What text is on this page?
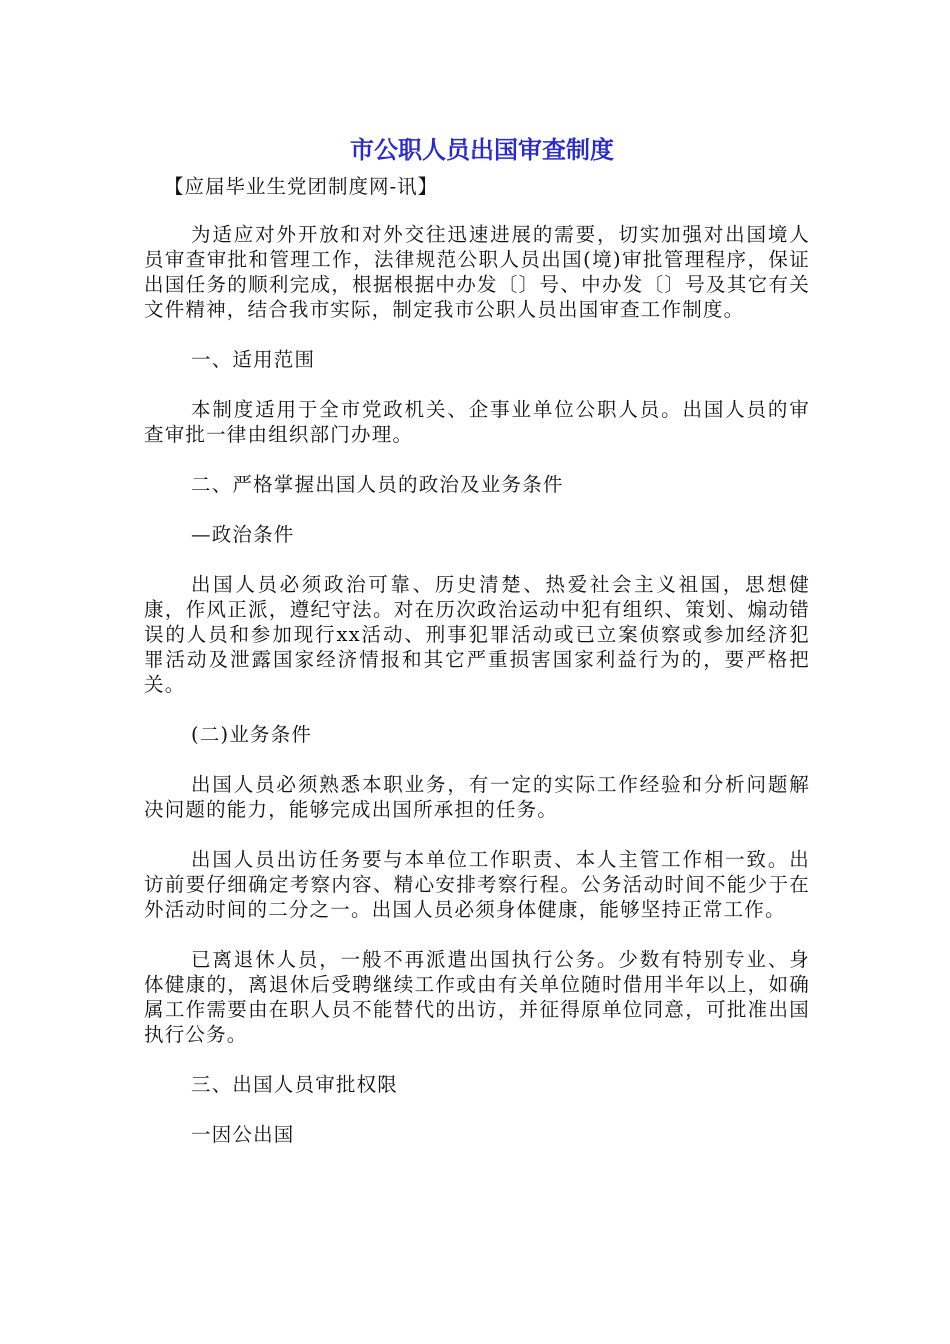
市公职人员出国审查制度

【应届毕业生党团制度网-讯】

为适应对外开放和对外交往迅速进展的需要，切实加强对出国境人员审查审批和管理工作，法律规范公职人员出国(境)审批管理程序，保证出国任务的顺利完成，根据根据中办发〔〕号、中办发〔〕号及其它有关文件精神，结合我市实际，制定我市公职人员出国审查工作制度。

一、适用范围

本制度适用于全市党政机关、企事业单位公职人员。出国人员的审查审批一律由组织部门办理。

二、严格掌握出国人员的政治及业务条件

—政治条件

出国人员必须政治可靠、历史清楚、热爱社会主义祖国，思想健康，作风正派，遵纪守法。对在历次政治运动中犯有组织、策划、煽动错误的人员和参加现行xx活动、刑事犯罪活动或已立案侦察或参加经济犯罪活动及泄露国家经济情报和其它严重损害国家利益行为的，要严格把关。

(二)业务条件

出国人员必须熟悉本职业务，有一定的实际工作经验和分析问题解决问题的能力，能够完成出国所承担的任务。

出国人员出访任务要与本单位工作职责、本人主管工作相一致。出访前要仔细确定考察内容、精心安排考察行程。公务活动时间不能少于在外活动时间的二分之一。出国人员必须身体健康，能够坚持正常工作。

已离退休人员，一般不再派遣出国执行公务。少数有特别专业、身体健康的，离退休后受聘继续工作或由有关单位随时借用半年以上，如确属工作需要由在职人员不能替代的出访，并征得原单位同意，可批准出国执行公务。

三、出国人员审批权限

一因公出国
